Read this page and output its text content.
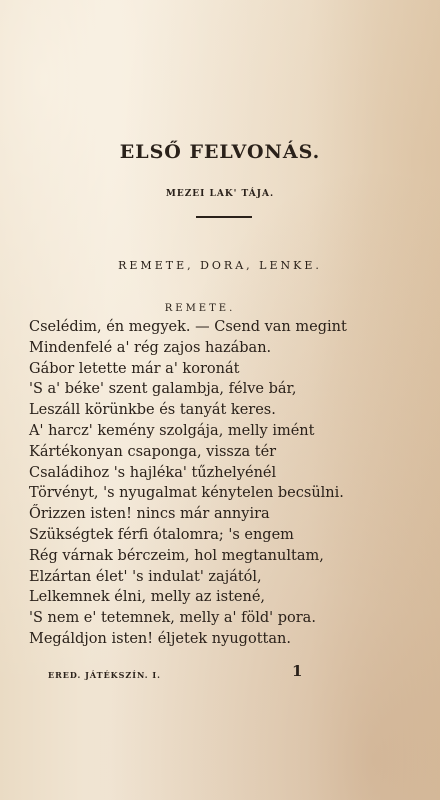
ELSŐ FELVONÁS.
MEZEI LAK' TÁJA.
REMETE, DORA, LENKE.
REMETE.
Cselédim, én megyek. — Csend van megint
Mindenfelé a' rég zajos hazában.
Gábor letette már a' koronát
'S a' béke' szent galambja, félve bár,
Leszáll körünkbe és tanyát keres.
A' harcz' kemény szolgája, melly imént
Kártékonyan csaponga, vissza tér
Családihoz 's hajléka' tűzhelyénél
Törvényt, 's nyugalmat kénytelen becsülni.
Őrizzen isten! nincs már annyira
Szükségtek férfi ótalomra; 's engem
Rég várnak bérczeim, hol megtanultam,
Elzártan élet' 's indulat' zajától,
Lelkemnek élni, melly az istené,
'S nem e' tetemnek, melly a' föld' pora.
Megáldjon isten! éljetek nyugottan.
ERED. JÁTÉKSZÍN. I.	1
